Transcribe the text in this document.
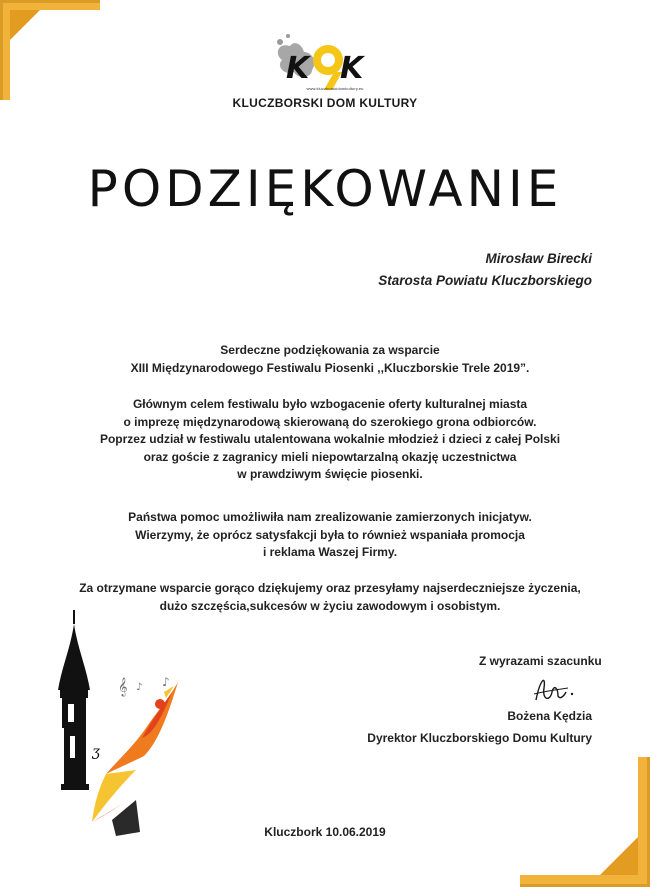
K K
www.kluczborskidomkultury.eu
KLUCZBORSKI DOM KULTURY
PODZIĘKOWANIE
Mirosław Birecki
Starosta Powiatu Kluczborskiego
Serdeczne podziękowania za wsparcie
XIII Międzynarodowego Festiwalu Piosenki ,,Kluczborskie Trele 2019”.
Głównym celem festiwalu było wzbogacenie oferty kulturalnej miasta
o imprezę międzynarodową skierowaną do szerokiego grona odbiorców.
Poprzez udział w festiwalu utalentowana wokalnie młodzież i dzieci z całej Polski
oraz goście z zagranicy mieli niepowtarzalną okazję uczestnictwa
w prawdziwym święcie piosenki.
Państwa pomoc umożliwiła nam zrealizowanie zamierzonych inicjatyw.
Wierzymy, że oprócz satysfakcji była to również wspaniała promocja
i reklama Waszej Firmy.
Za otrzymane wsparcie gorąco dziękujemy oraz przesyłamy najserdeczniejsze życzenia,
dużo szczęścia,sukcesów w życiu zawodowym i osobistym.
𝄞 ♪ ♪
ʒ
Z wyrazami szacunku
Bożena Kędzia
Dyrektor Kluczborskiego Domu Kultury
Kluczbork 10.06.2019
